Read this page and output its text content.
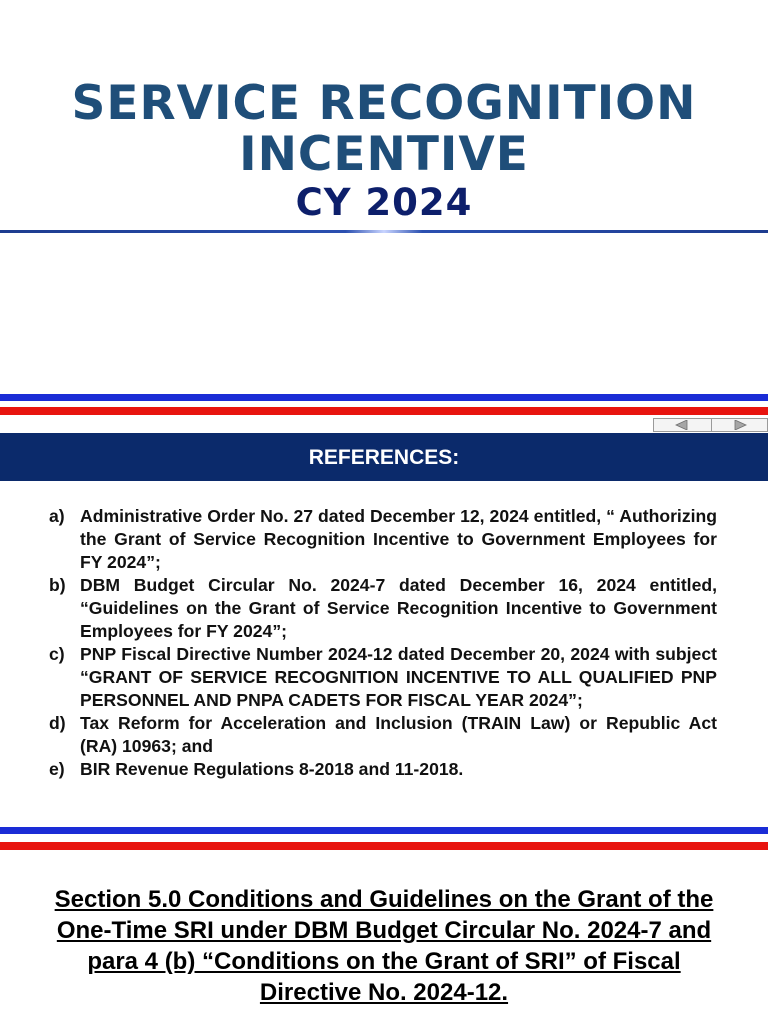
SERVICE RECOGNITION INCENTIVE
CY 2024
REFERENCES:
a) Administrative Order No. 27 dated December 12, 2024 entitled, “ Authorizing the Grant of Service Recognition Incentive to Government Employees for FY 2024”;
b) DBM Budget Circular No. 2024-7 dated December 16, 2024 entitled, “Guidelines on the Grant of Service Recognition Incentive to Government Employees for FY 2024”;
c) PNP Fiscal Directive Number 2024-12 dated December 20, 2024 with subject “GRANT OF SERVICE RECOGNITION INCENTIVE TO ALL QUALIFIED PNP PERSONNEL AND PNPA CADETS FOR FISCAL YEAR 2024”;
d) Tax Reform for Acceleration and Inclusion (TRAIN Law) or Republic Act (RA) 10963; and
e) BIR Revenue Regulations 8-2018 and 11-2018.
Section 5.0 Conditions and Guidelines on the Grant of the One-Time SRI under DBM Budget Circular No. 2024-7 and para 4 (b) “Conditions on the Grant of SRI” of Fiscal Directive No. 2024-12.
